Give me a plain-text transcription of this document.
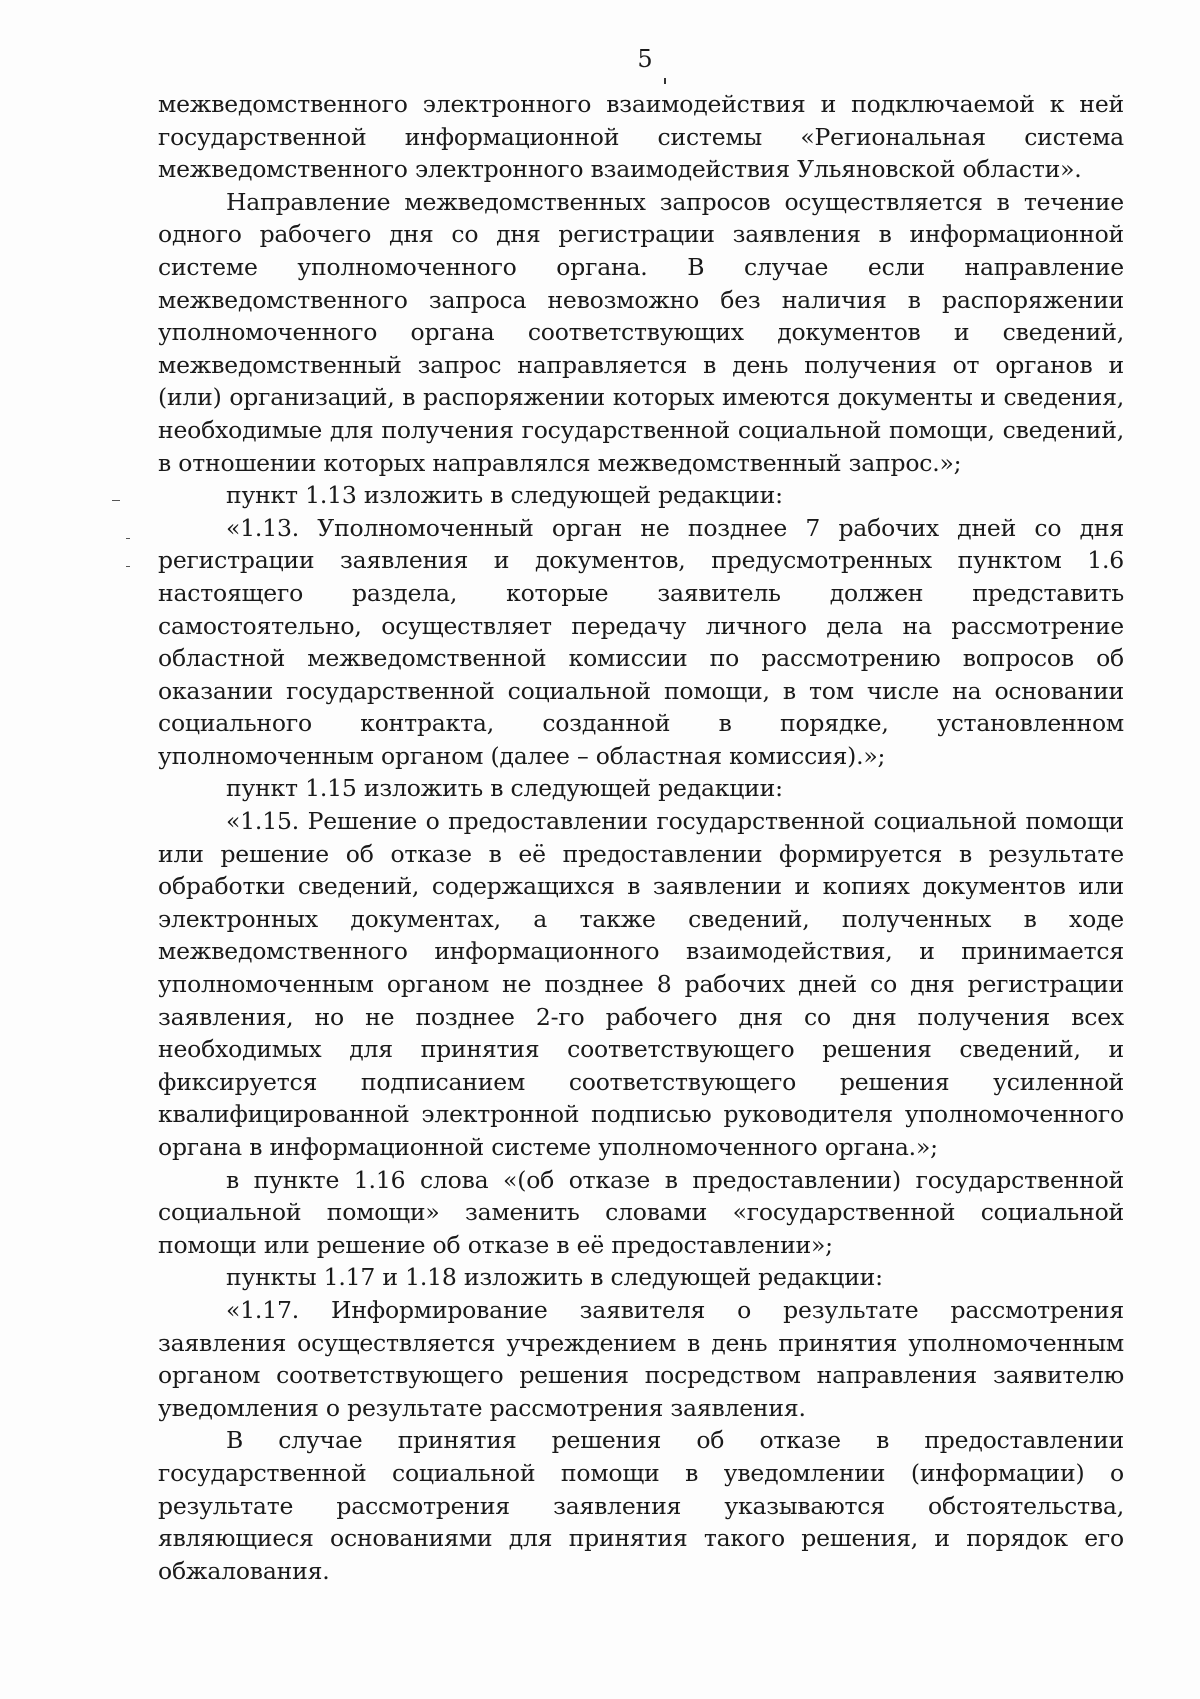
5

межведомственного электронного взаимодействия и подключаемой к ней государственной информационной системы «Региональная система межведомственного электронного взаимодействия Ульяновской области».

Направление межведомственных запросов осуществляется в течение одного рабочего дня со дня регистрации заявления в информационной системе уполномоченного органа. В случае если направление межведомственного запроса невозможно без наличия в распоряжении уполномоченного органа соответствующих документов и сведений, межведомственный запрос направляется в день получения от органов и (или) организаций, в распоряжении которых имеются документы и сведения, необходимые для получения государственной социальной помощи, сведений, в отношении которых направлялся межведомственный запрос.»;

пункт 1.13 изложить в следующей редакции:

«1.13. Уполномоченный орган не позднее 7 рабочих дней со дня регистрации заявления и документов, предусмотренных пунктом 1.6 настоящего раздела, которые заявитель должен представить самостоятельно, осуществляет передачу личного дела на рассмотрение областной межведомственной комиссии по рассмотрению вопросов об оказании государственной социальной помощи, в том числе на основании социального контракта, созданной в порядке, установленном уполномоченным органом (далее – областная комиссия).»;

пункт 1.15 изложить в следующей редакции:

«1.15. Решение о предоставлении государственной социальной помощи или решение об отказе в её предоставлении формируется в результате обработки сведений, содержащихся в заявлении и копиях документов или электронных документах, а также сведений, полученных в ходе межведомственного информационного взаимодействия, и принимается уполномоченным органом не позднее 8 рабочих дней со дня регистрации заявления, но не позднее 2-го рабочего дня со дня получения всех необходимых для принятия соответствующего решения сведений, и фиксируется подписанием соответствующего решения усиленной квалифицированной электронной подписью руководителя уполномоченного органа в информационной системе уполномоченного органа.»;

в пункте 1.16 слова «(об отказе в предоставлении) государственной социальной помощи» заменить словами «государственной социальной помощи или решение об отказе в её предоставлении»;

пункты 1.17 и 1.18 изложить в следующей редакции:

«1.17. Информирование заявителя о результате рассмотрения заявления осуществляется учреждением в день принятия уполномоченным органом соответствующего решения посредством направления заявителю уведомления о результате рассмотрения заявления.

В случае принятия решения об отказе в предоставлении государственной социальной помощи в уведомлении (информации) о результате рассмотрения заявления указываются обстоятельства, являющиеся основаниями для принятия такого решения, и порядок его обжалования.
